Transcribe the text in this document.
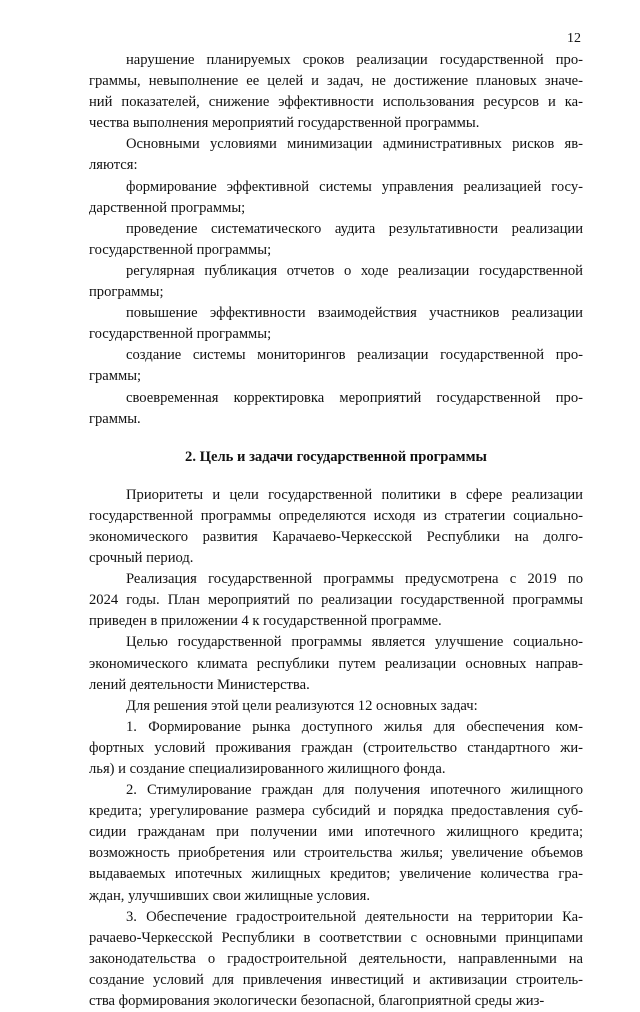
12
нарушение планируемых сроков реализации государственной про-
граммы, невыполнение ее целей и задач, не достижение плановых значе-
ний показателей, снижение эффективности использования ресурсов и ка-
чества выполнения мероприятий государственной программы.
Основными условиями минимизации административных рисков яв-
ляются:
формирование эффективной системы управления реализацией госу-
дарственной программы;
проведение систематического аудита результативности реализации
государственной программы;
регулярная публикация отчетов о ходе реализации государственной
программы;
повышение эффективности взаимодействия участников реализации
государственной программы;
создание системы мониторингов реализации государственной про-
граммы;
своевременная корректировка мероприятий государственной про-
граммы.
2. Цель и задачи государственной программы
Приоритеты и цели государственной политики в сфере реализации
государственной программы определяются исходя из стратегии социально-
экономического развития Карачаево-Черкесской Республики на долго-
срочный период.
Реализация государственной программы предусмотрена с 2019 по
2024 годы. План мероприятий по реализации государственной программы
приведен в приложении 4 к государственной программе.
Целью государственной программы является улучшение социально-
экономического климата республики путем реализации основных направ-
лений деятельности Министерства.
Для решения этой цели реализуются 12 основных задач:
1. Формирование рынка доступного жилья для обеспечения ком-
фортных условий проживания граждан (строительство стандартного жи-
лья) и создание специализированного жилищного фонда.
2. Стимулирование граждан для получения ипотечного жилищного
кредита; урегулирование размера субсидий и порядка предоставления суб-
сидии гражданам при получении ими ипотечного жилищного кредита;
возможность приобретения или строительства жилья; увеличение объемов
выдаваемых ипотечных жилищных кредитов; увеличение количества гра-
ждан, улучшивших свои жилищные условия.
3. Обеспечение градостроительной деятельности на территории Ка-
рачаево-Черкесской Республики в соответствии с основными принципами
законодательства о градостроительной деятельности, направленными на
создание условий для привлечения инвестиций и активизации строитель-
ства формирования экологически безопасной, благоприятной среды жиз-
